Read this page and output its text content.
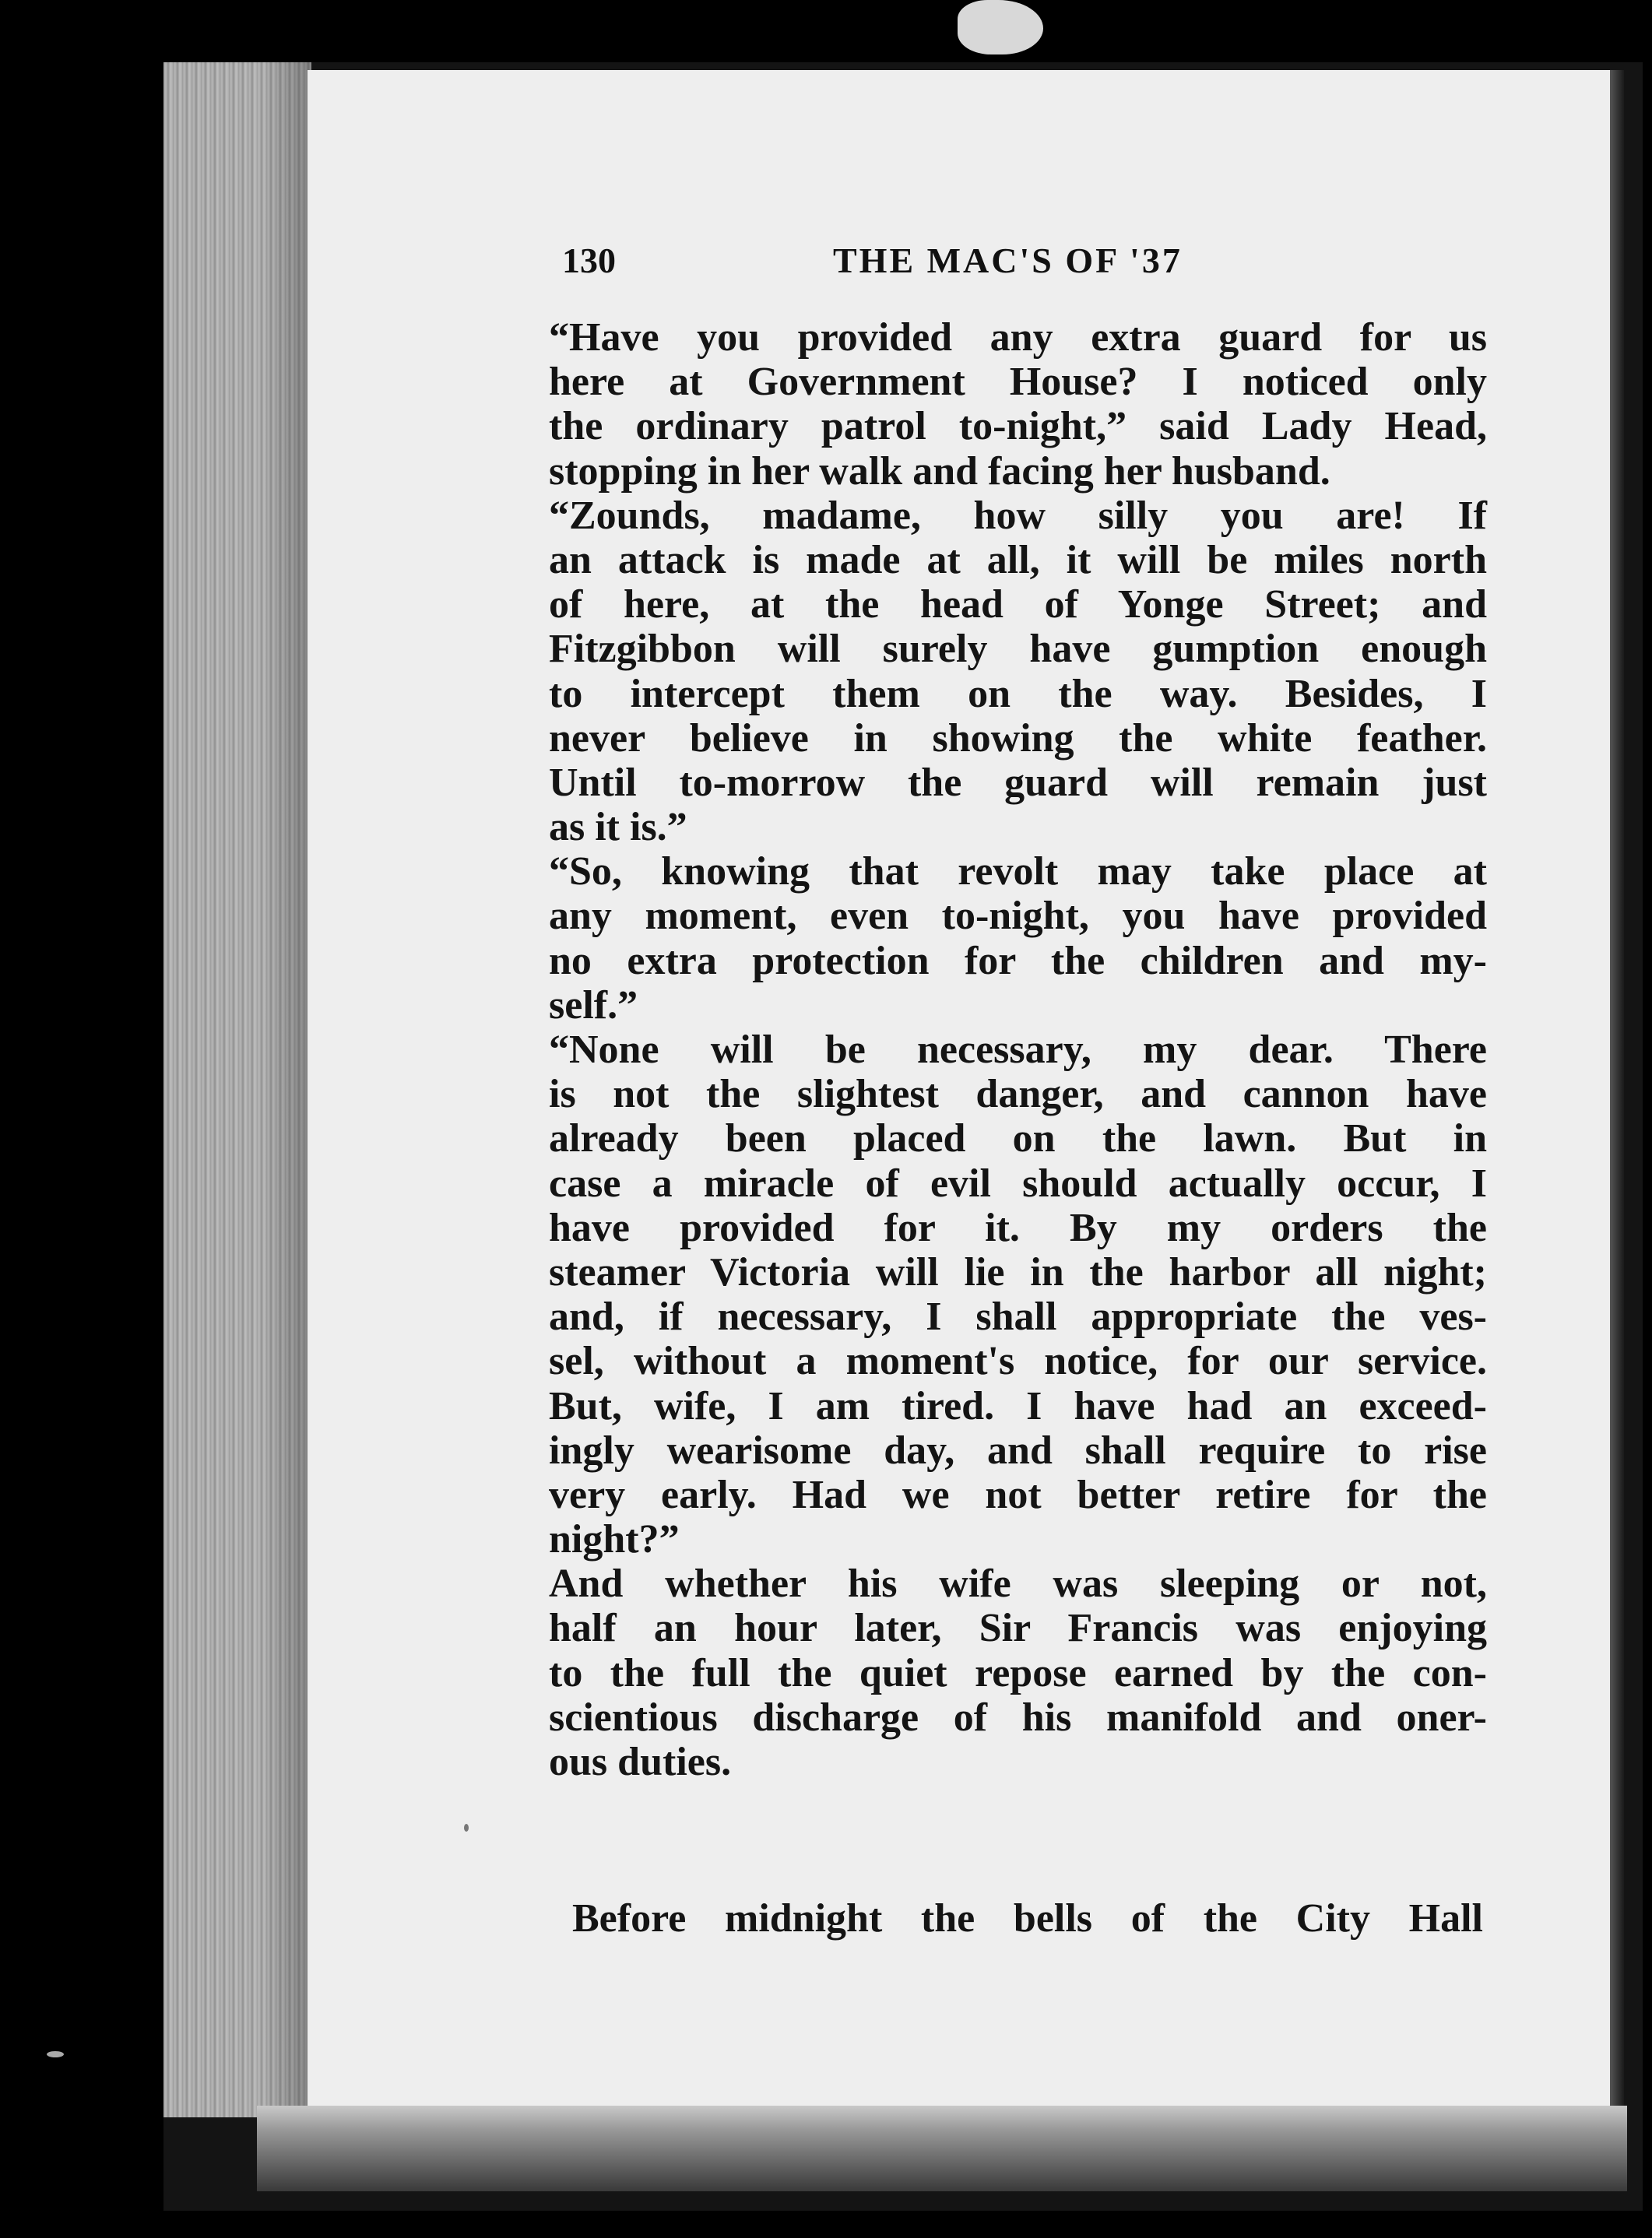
130	THE MAC'S OF '37
“Have you provided any extra guard for us
here at Government House? I noticed only
the ordinary patrol to-night,” said Lady Head,
stopping in her walk and facing her husband.
“Zounds, madame, how silly you are! If
an attack is made at all, it will be miles north
of here, at the head of Yonge Street; and
Fitzgibbon will surely have gumption enough
to intercept them on the way. Besides, I
never believe in showing the white feather.
Until to-morrow the guard will remain just
as it is.”
“So, knowing that revolt may take place at
any moment, even to-night, you have provided
no extra protection for the children and my-
self.”
“None will be necessary, my dear. There
is not the slightest danger, and cannon have
already been placed on the lawn. But in
case a miracle of evil should actually occur, I
have provided for it. By my orders the
steamer Victoria will lie in the harbor all night;
and, if necessary, I shall appropriate the ves-
sel, without a moment's notice, for our service.
But, wife, I am tired. I have had an exceed-
ingly wearisome day, and shall require to rise
very early. Had we not better retire for the
night?”
And whether his wife was sleeping or not,
half an hour later, Sir Francis was enjoying
to the full the quiet repose earned by the con-
scientious discharge of his manifold and oner-
ous duties.
Before midnight the bells of the City Hall
